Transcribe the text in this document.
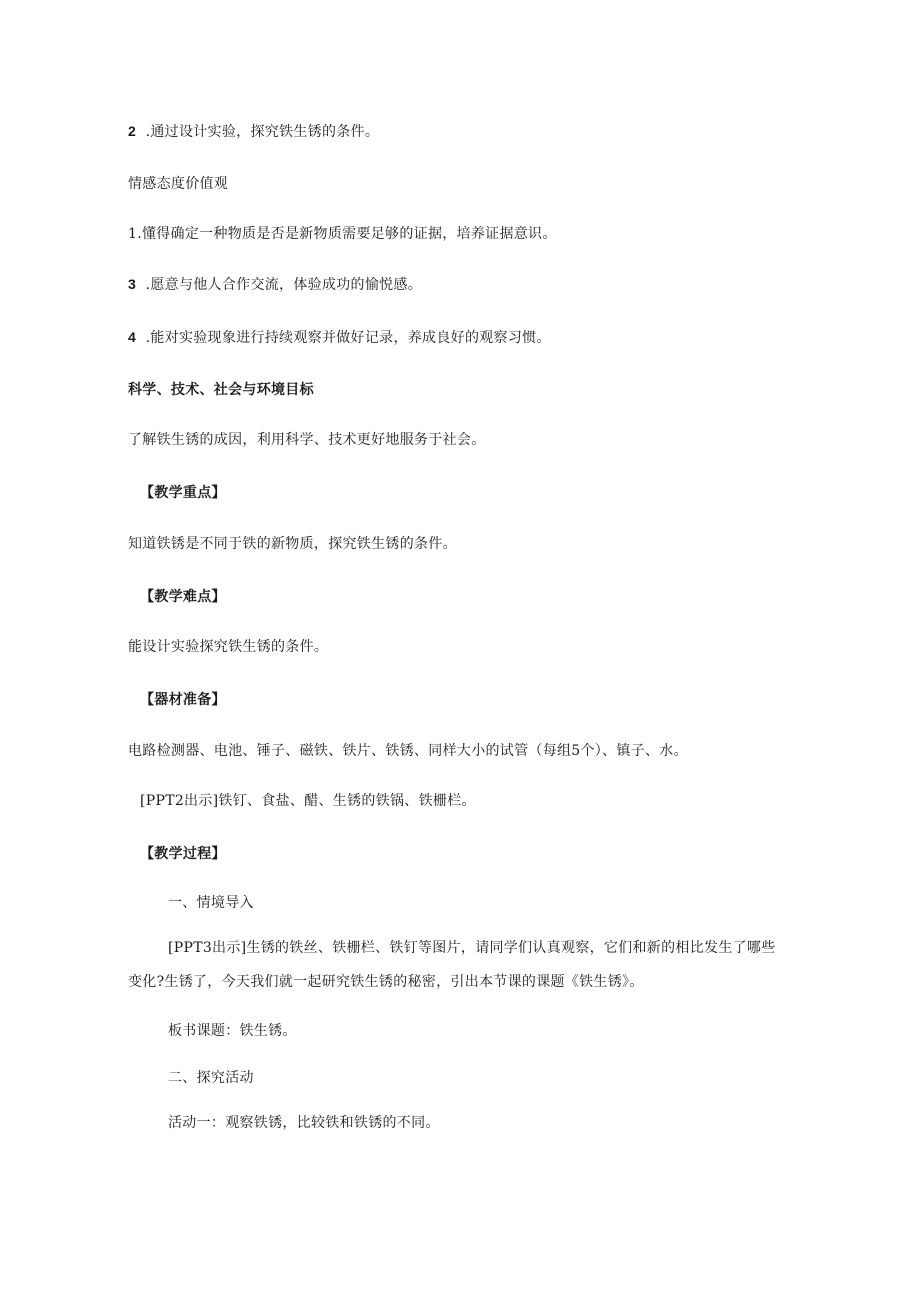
2 .通过设计实验，探究铁生锈的条件。
情感态度价值观
1.懂得确定一种物质是否是新物质需要足够的证据，培养证据意识。
3 .愿意与他人合作交流，体验成功的愉悦感。
4 .能对实验现象进行持续观察并做好记录，养成良好的观察习惯。
科学、技术、社会与环境目标
了解铁生锈的成因，利用科学、技术更好地服务于社会。
【教学重点】
知道铁锈是不同于铁的新物质，探究铁生锈的条件。
【教学难点】
能设计实验探究铁生锈的条件。
【器材准备】
电路检测器、电池、锤子、磁铁、铁片、铁锈、同样大小的试管（每组5个）、镇子、水。
[PPT2出示]铁钉、食盐、醋、生锈的铁锅、铁栅栏。
【教学过程】
一、情境导入
[PPT3出示]生锈的铁丝、铁栅栏、铁钉等图片，请同学们认真观察，它们和新的相比发生了哪些
变化?生锈了，今天我们就一起研究铁生锈的秘密，引出本节课的课题《铁生锈》。
板书课题：铁生锈。
二、探究活动
活动一：观察铁锈，比较铁和铁锈的不同。
